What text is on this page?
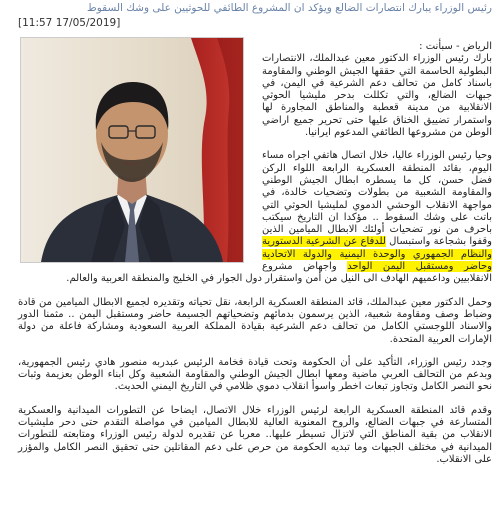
رئيس الوزراء يبارك انتصارات الضالع ويؤكد ان المشروع الطائفي للحوثيين على وشك السقوط
[11:57 17/05/2019]

الرياض - سبأنت :

بارك رئيس الوزراء الدكتور معين عبدالملك، الانتصارات البطولية الحاسمة التي حققها الجيش الوطني والمقاومة باسناد كامل من تحالف دعم الشرعية في اليمن، في جبهات الضالع، والتي تكللت بدحر مليشيا الحوثي الانقلابية من مدينة قعطبة والمناطق المجاورة لها واستمرار تضييق الخناق عليها حتى تحرير جميع اراضي الوطن من مشروعها الطائفي المدعوم ايرانيا.

وحيا رئيس الوزراء عاليا، خلال اتصال هاتفي اجراه مساء اليوم، بقائد المنطقة العسكرية الرابعة اللواء الركن فضل حسن، كل ما يسطره ابطال الجيش الوطني والمقاومة الشعبية من بطولات وتضحيات خالدة، في مواجهة الانقلاب الوحشي الدموي لمليشيا الحوثي التي باتت على وشك السقوط .. مؤكدا ان التاريخ سيكتب باحرف من نور تضحيات أولئك الابطال الميامين الذين وقفوا بشجاعة واستبسال للدفاع عن الشرعية الدستورية والنظام الجمهوري والوحدة اليمنية والدولة الاتحادية وحاضر ومستقبل اليمن الواحد واجهاض مشروع الانقلابيين وداعميهم الهادف الى النيل من أمن واستقرار دول الجوار في الخليج والمنطقة العربية والعالم.

وحمل الدكتور معين عبدالملك، قائد المنطقة العسكرية الرابعة، نقل تحياته وتقديره لجميع الابطال الميامين من قادة وضباط وصف ومقاومة شعبية، الذين يرسمون بدمائهم وتضحياتهم الجسيمة حاضر ومستقبل اليمن .. مثمنا الدور والاسناد اللوجستي الكامل من تحالف دعم الشرعية بقيادة المملكة العربية السعودية ومشاركة فاعلة من دولة الإمارات العربية المتحدة.

وجدد رئيس الوزراء، التأكيد على أن الحكومة وتحت قيادة فخامة الرئيس عبدربه منصور هادي رئيس الجمهورية، وبدعم من التحالف العربي ماضية ومعها ابطال الجيش الوطني والمقاومة الشعبية وكل ابناء الوطن بعزيمة وثبات نحو النصر الكامل وتجاوز تبعات اخطر واسوأ انقلاب دموي ظلامي في التاريخ اليمني الحديث.

وقدم قائد المنطقة العسكرية الرابعة لرئيس الوزراء خلال الاتصال، ايضاحا عن التطورات الميدانية والعسكرية المتسارعة في جبهات الضالع، والروح المعنوية العالية للابطال الميامين في مواصلة التقدم حتى دحر مليشيات الانقلاب من بقية المناطق التي لاتزال تسيطر عليها.. معربا عن تقديره لدولة رئيس الوزراء ومتابعته للتطورات الميدانية في مختلف الجبهات وما تبديه الحكومة من حرص على دعم المقاتلين حتى تحقيق النصر الكامل والمؤزر على الانقلاب.
